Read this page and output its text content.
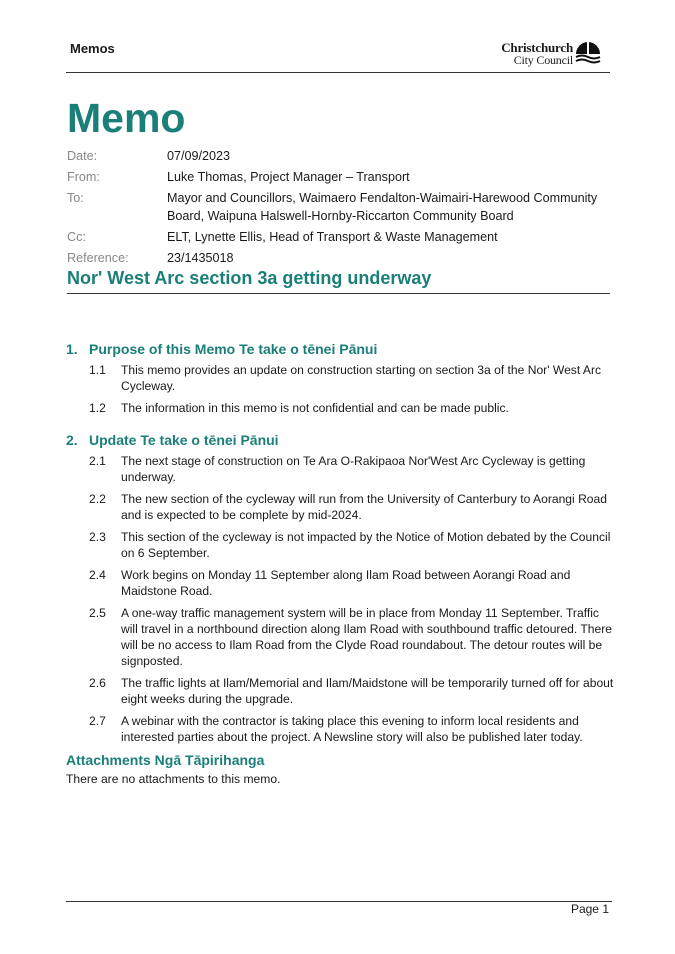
Memos	Christchurch
City Council
Memo
Date:	07/09/2023
From:	Luke Thomas, Project Manager – Transport
To:	Mayor and Councillors, Waimaero Fendalton-Waimairi-Harewood Community Board, Waipuna Halswell-Hornby-Riccarton Community Board
Cc:	ELT, Lynette Ellis, Head of Transport & Waste Management
Reference:	23/1435018
Nor' West Arc section 3a getting underway
1. Purpose of this Memo Te take o tēnei Pānui
1.1	This memo provides an update on construction starting on section 3a of the Nor' West Arc Cycleway.
1.2	The information in this memo is not confidential and can be made public.
2. Update Te take o tēnei Pānui
2.1	The next stage of construction on Te Ara O-Rakipaoa Nor'West Arc Cycleway is getting underway.
2.2	The new section of the cycleway will run from the University of Canterbury to Aorangi Road and is expected to be complete by mid-2024.
2.3	This section of the cycleway is not impacted by the Notice of Motion debated by the Council on 6 September.
2.4	Work begins on Monday 11 September along Ilam Road between Aorangi Road and Maidstone Road.
2.5	A one-way traffic management system will be in place from Monday 11 September. Traffic will travel in a northbound direction along Ilam Road with southbound traffic detoured. There will be no access to Ilam Road from the Clyde Road roundabout. The detour routes will be signposted.
2.6	The traffic lights at Ilam/Memorial and Ilam/Maidstone will be temporarily turned off for about eight weeks during the upgrade.
2.7	A webinar with the contractor is taking place this evening to inform local residents and interested parties about the project. A Newsline story will also be published later today.
Attachments Ngā Tāpirihanga
There are no attachments to this memo.
Page 1
